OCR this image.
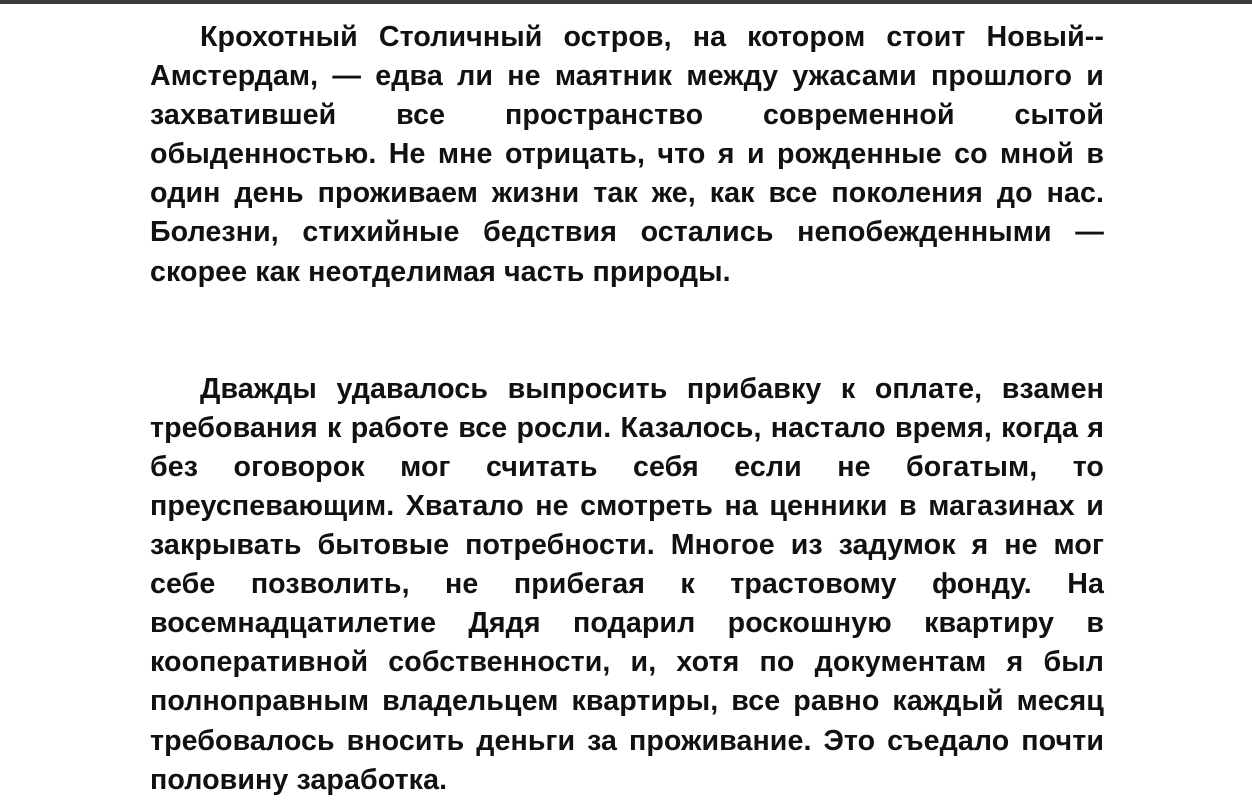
Крохотный Столичный остров, на котором стоит Новый--Амстердам, — едва ли не маятник между ужасами прошлого и захватившей все пространство современной сытой обыденностью. Не мне отрицать, что я и рожденные со мной в один день проживаем жизни так же, как все поколения до нас. Болезни, стихийные бедствия остались непобежденными — скорее как неотделимая часть природы.

Дважды удавалось выпросить прибавку к оплате, взамен требования к работе все росли. Казалось, настало время, когда я без оговорок мог считать себя если не богатым, то преуспевающим. Хватало не смотреть на ценники в магазинах и закрывать бытовые потребности. Многое из задумок я не мог себе позволить, не прибегая к трастовому фонду. На восемнадцатилетие Дядя подарил роскошную квартиру в кооперативной собственности, и, хотя по документам я был полноправным владельцем квартиры, все равно каждый месяц требовалось вносить деньги за проживание. Это съедало почти половину заработка.
